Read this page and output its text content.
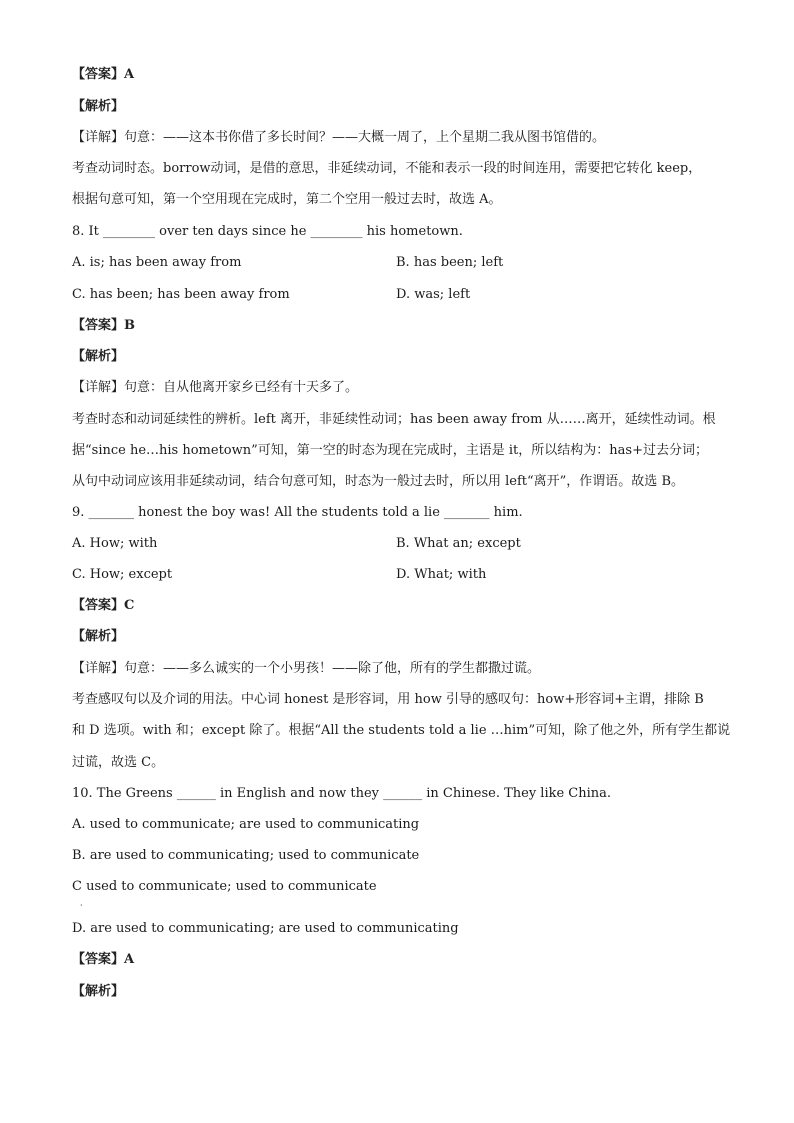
【答案】A
【解析】
【详解】句意：——这本书你借了多长时间？——大概一周了，上个星期二我从图书馆借的。
考查动词时态。borrow动词，是借的意思，非延续动词，不能和表示一段的时间连用，需要把它转化 keep，
根据句意可知，第一个空用现在完成时，第二个空用一般过去时，故选 A。
8. It ________ over ten days since he ________ his hometown.
A. is; has been away from	B. has been; left
C. has been; has been away from	D. was; left
【答案】B
【解析】
【详解】句意：自从他离开家乡已经有十天多了。
考查时态和动词延续性的辨析。left 离开，非延续性动词；has been away from 从……离开，延续性动词。根
据“since he…his hometown”可知，第一空的时态为现在完成时，主语是 it，所以结构为：has+过去分词；
从句中动词应该用非延续动词，结合句意可知，时态为一般过去时，所以用 left“离开”，作谓语。故选 B。
9. _______ honest the boy was! All the students told a lie _______ him.
A. How; with	B. What an; except
C. How; except	D. What; with
【答案】C
【解析】
【详解】句意：——多么诚实的一个小男孩！——除了他，所有的学生都撒过谎。
考查感叹句以及介词的用法。中心词 honest 是形容词，用 how 引导的感叹句：how+形容词+主谓，排除 B
和 D 选项。with 和；except 除了。根据“All the students told a lie …him”可知，除了他之外，所有学生都说
过谎，故选 C。
10. The Greens ______ in English and now they ______ in Chinese. They like China.
A. used to communicate; are used to communicating
B. are used to communicating; used to communicate
C used to communicate; used to communicate
·
D. are used to communicating; are used to communicating
【答案】A
【解析】
